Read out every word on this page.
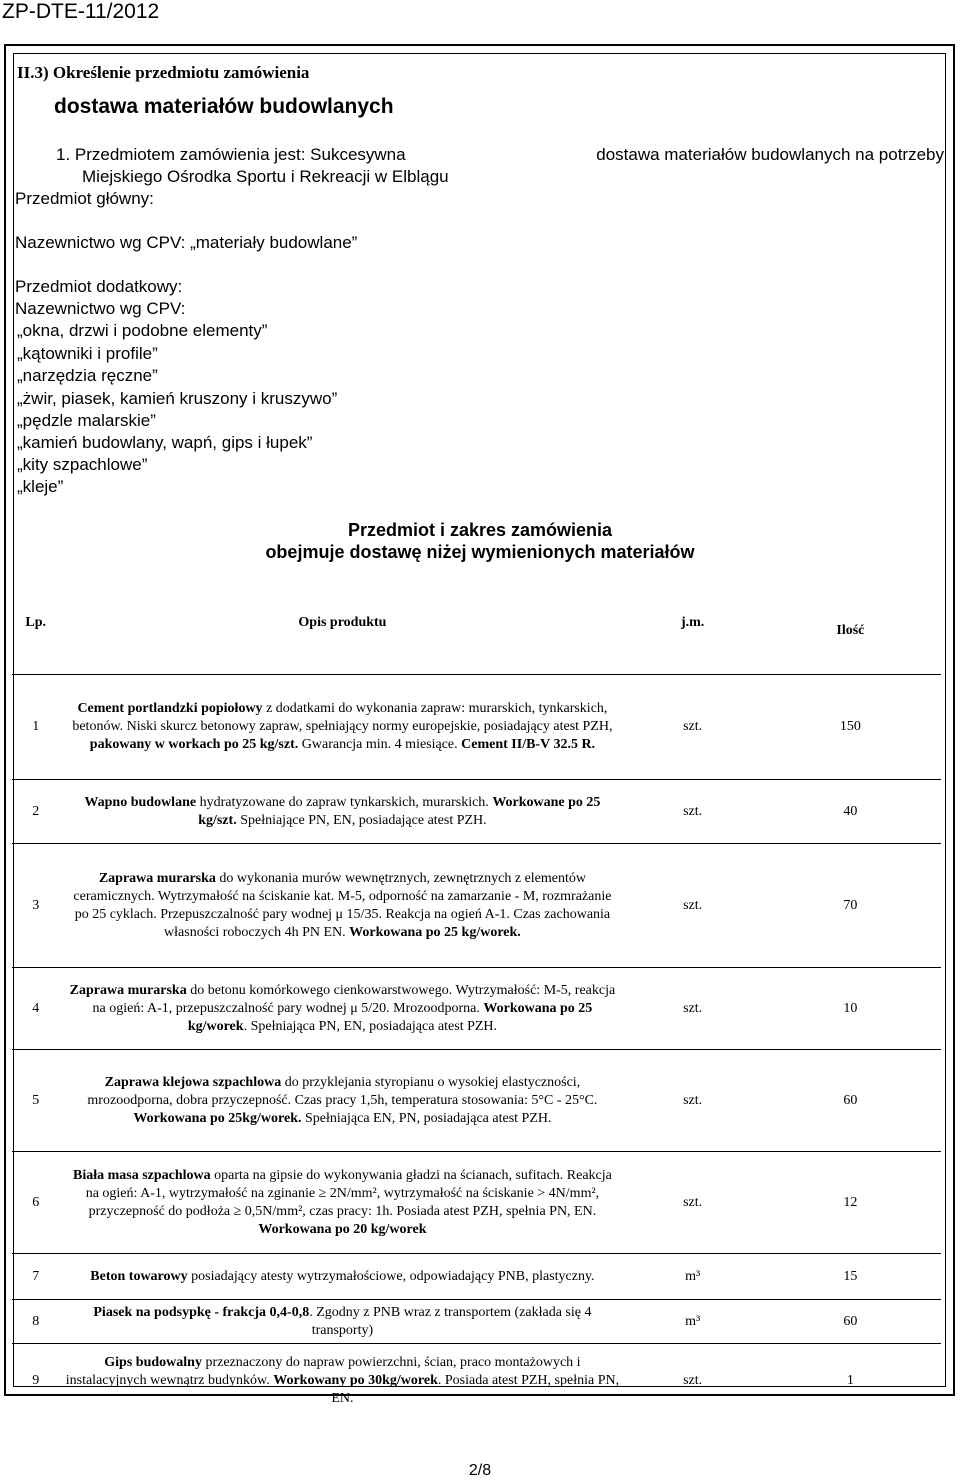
ZP-DTE-11/2012
II.3) Określenie przedmiotu zamówienia
dostawa materiałów budowlanych
1. Przedmiotem zamówienia jest: Sukcesywna	dostawa materiałów budowlanych na potrzeby
Miejskiego Ośrodka Sportu i Rekreacji w Elblągu
Przedmiot główny:
Nazewnictwo wg CPV: „materiały budowlane”
Przedmiot dodatkowy:
Nazewnictwo wg CPV:
„okna, drzwi i podobne elementy”
„kątowniki i profile”
„narzędzia ręczne”
„żwir, piasek, kamień kruszony i kruszywo”
„pędzle malarskie”
„kamień budowlany, wapń, gips i łupek”
„kity szpachlowe”
„kleje”
Przedmiot i zakres zamówienia
obejmuje dostawę niżej wymienionych materiałów
Lp.	Opis produktu	j.m.	Ilość
1	Cement portlandzki popiołowy z dodatkami do wykonania zapraw: murarskich, tynkarskich, betonów. Niski skurcz betonowy zapraw, spełniający normy europejskie, posiadający atest PZH, pakowany w workach po 25 kg/szt. Gwarancja min. 4 miesiące. Cement II/B-V 32.5 R.	szt.	150
2	Wapno budowlane hydratyzowane do zapraw tynkarskich, murarskich. Workowane po 25 kg/szt. Spełniające PN, EN, posiadające atest PZH.	szt.	40
3	Zaprawa murarska do wykonania murów wewnętrznych, zewnętrznych z elementów ceramicznych. Wytrzymałość na ściskanie kat. M-5, odporność na zamarzanie - M, rozmrażanie po 25 cyklach. Przepuszczalność pary wodnej μ 15/35. Reakcja na ogień A-1. Czas zachowania własności roboczych 4h PN EN. Workowana po 25 kg/worek.	szt.	70
4	Zaprawa murarska do betonu komórkowego cienkowarstwowego. Wytrzymałość: M-5, reakcja na ogień: A-1, przepuszczalność pary wodnej μ 5/20. Mrozoodporna. Workowana po 25 kg/worek. Spełniająca PN, EN, posiadająca atest PZH.	szt.	10
5	Zaprawa klejowa szpachlowa do przyklejania styropianu o wysokiej elastyczności, mrozoodporna, dobra przyczepność. Czas pracy 1,5h, temperatura stosowania: 5°C - 25°C. Workowana po 25kg/worek. Spełniająca EN, PN, posiadająca atest PZH.	szt.	60
6	Biała masa szpachlowa oparta na gipsie do wykonywania gładzi na ścianach, sufitach. Reakcja na ogień: A-1, wytrzymałość na zginanie ≥ 2N/mm², wytrzymałość na ściskanie > 4N/mm², przyczepność do podłoża ≥ 0,5N/mm², czas pracy: 1h. Posiada atest PZH, spełnia PN, EN. Workowana po 20 kg/worek	szt.	12
7	Beton towarowy posiadający atesty wytrzymałościowe, odpowiadający PNB, plastyczny.	m³	15
8	Piasek na podsypkę - frakcja 0,4-0,8. Zgodny z PNB wraz z transportem (zakłada się 4 transporty)	m³	60
9	Gips budowalny przeznaczony do napraw powierzchni, ścian, praco montażowych i instalacyjnych wewnątrz budynków. Workowany po 30kg/worek. Posiada atest PZH, spełnia PN, EN.	szt.	1
2/8
